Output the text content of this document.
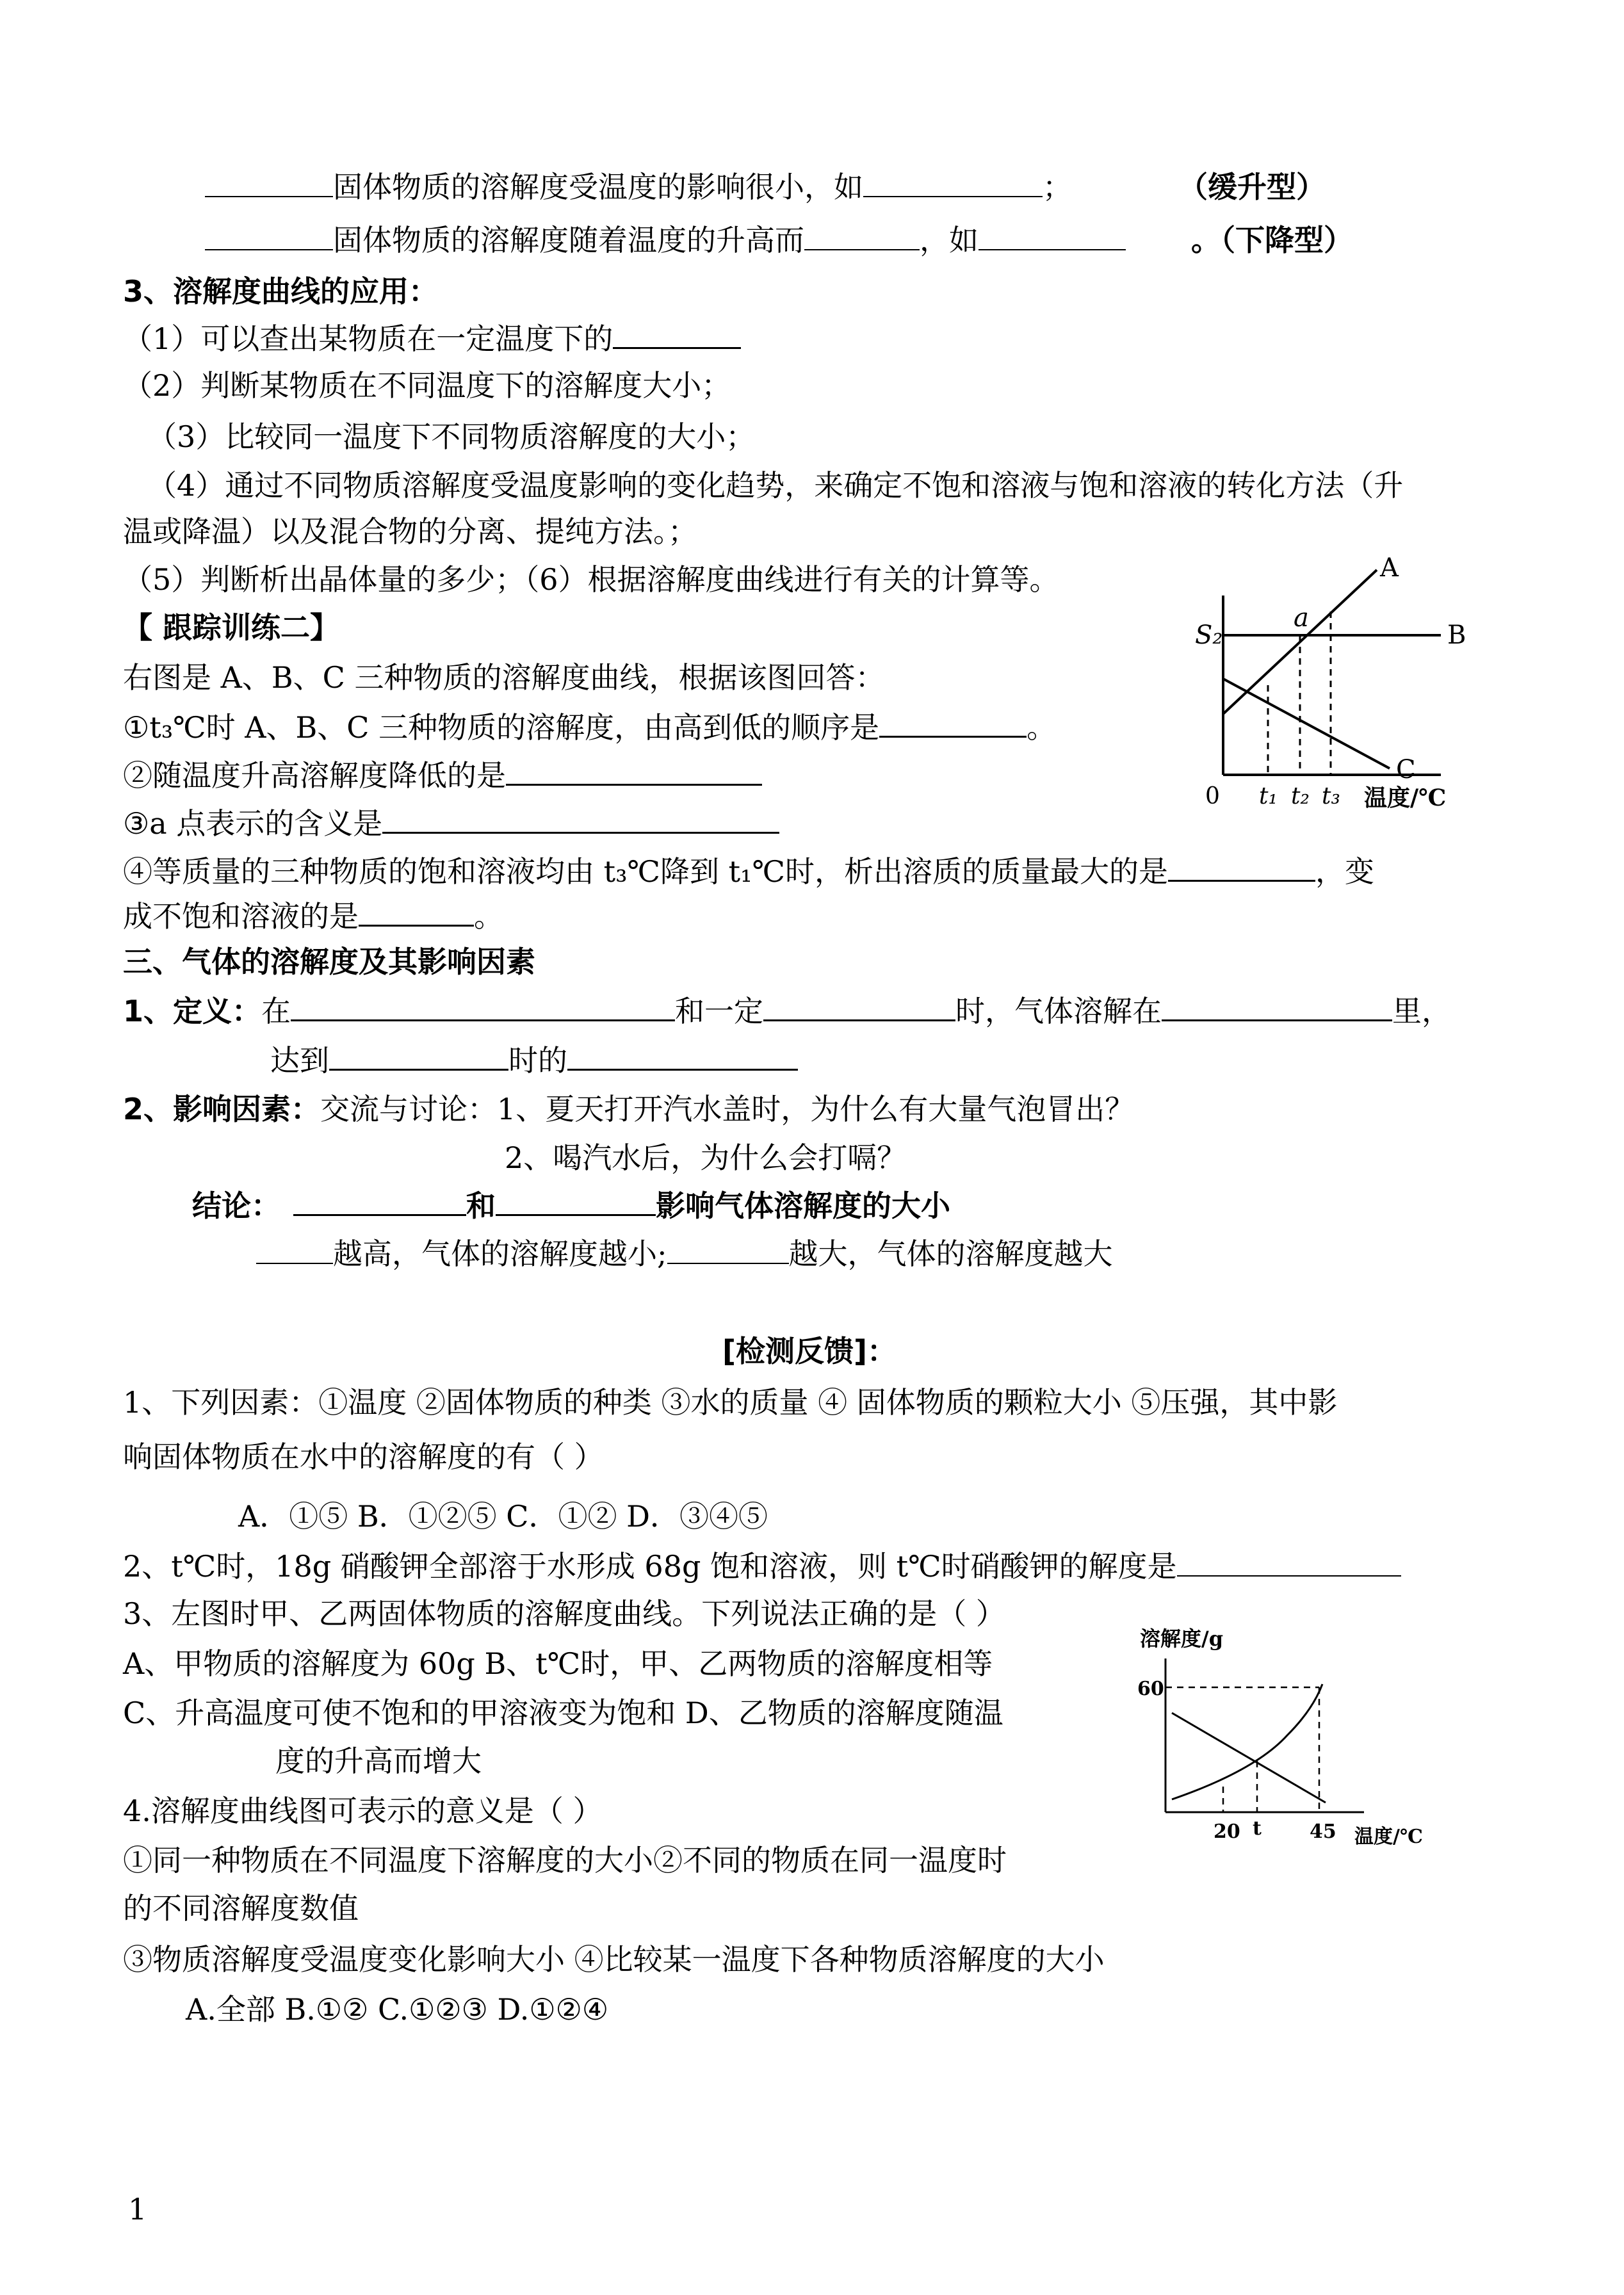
固体物质的溶解度受温度的影响很小，如	；	（缓升型）
固体物质的溶解度随着温度的升高而	，如	。（下降型）
3、溶解度曲线的应用：
（1）可以查出某物质在一定温度下的
（2）判断某物质在不同温度下的溶解度大小；
（3）比较同一温度下不同物质溶解度的大小；
（4）通过不同物质溶解度受温度影响的变化趋势，来确定不饱和溶液与饱和溶液的转化方法（升
温或降温）以及混合物的分离、提纯方法。；
（5）判断析出晶体量的多少；（6）根据溶解度曲线进行有关的计算等。
【 跟踪训练二】
右图是 A、B、C 三种物质的溶解度曲线，根据该图回答：
①t₃℃时 A、B、C 三种物质的溶解度，由高到低的顺序是	。
②随温度升高溶解度降低的是
③a 点表示的含义是
④等质量的三种物质的饱和溶液均由 t₃℃降到 t₁℃时，析出溶质的质量最大的是	，变
成不饱和溶液的是	。
S₂
a
A
B
C
0 t₁ t₂ t₃ 温度/℃
三、气体的溶解度及其影响因素
1、定义：在	和一定	时，气体溶解在	里，
达到	时的
2、影响因素：交流与讨论：1、夏天打开汽水盖时，为什么有大量气泡冒出？
2、喝汽水后，为什么会打嗝？
结论：	和	影响气体溶解度的大小
越高，气体的溶解度越小;	越大，气体的溶解度越大
[检测反馈]：
1、下列因素：①温度 ②固体物质的种类 ③水的质量 ④ 固体物质的颗粒大小 ⑤压强，其中影
响固体物质在水中的溶解度的有（ ）
A．①⑤ B．①②⑤ C．①② D．③④⑤
2、t℃时，18g 硝酸钾全部溶于水形成 68g 饱和溶液，则 t℃时硝酸钾的解度是
3、左图时甲、乙两固体物质的溶解度曲线。下列说法正确的是（ ）
A、甲物质的溶解度为 60g B、t℃时，甲、乙两物质的溶解度相等
C、升高温度可使不饱和的甲溶液变为饱和 D、乙物质的溶解度随温
度的升高而增大
4.溶解度曲线图可表示的意义是（ ）
①同一种物质在不同温度下溶解度的大小②不同的物质在同一温度时
的不同溶解度数值
③物质溶解度受温度变化影响大小 ④比较某一温度下各种物质溶解度的大小
A.全部 B.①② C.①②③ D.①②④
溶解度/g
60
20 t	45 温度/℃
1
